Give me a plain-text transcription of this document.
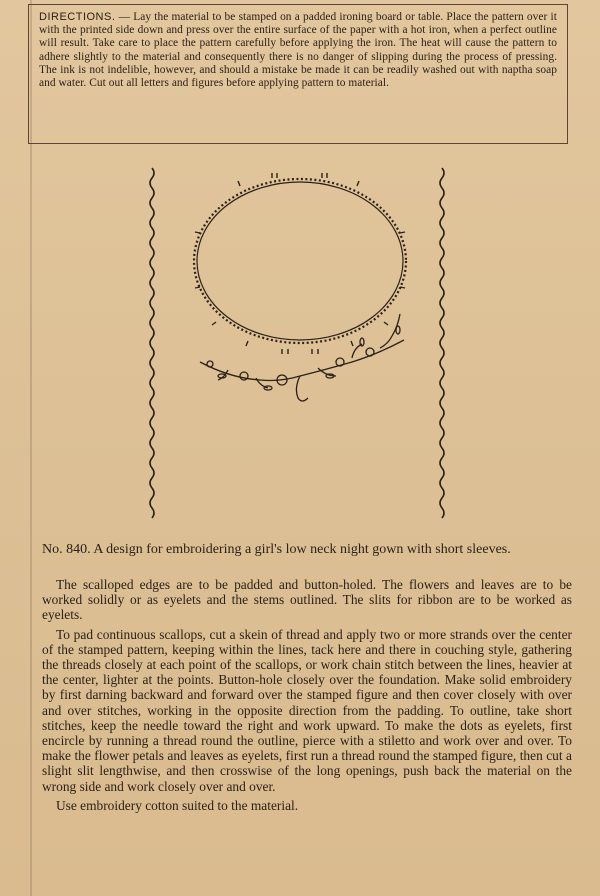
DIRECTIONS. — Lay the material to be stamped on a padded ironing board or table. Place the pattern over it with the printed side down and press over the entire surface of the paper with a hot iron, when a perfect outline will result. Take care to place the pattern carefully before applying the iron. The heat will cause the pattern to adhere slightly to the material and consequently there is no danger of slipping during the process of pressing. The ink is not indelible, however, and should a mistake be made it can be readily washed out with naptha soap and water. Cut out all letters and figures before applying pattern to material.

No. 840. A design for embroidering a girl's low neck night gown with short sleeves.

The scalloped edges are to be padded and button-holed. The flowers and leaves are to be worked solidly or as eyelets and the stems outlined. The slits for ribbon are to be worked as eyelets.

To pad continuous scallops, cut a skein of thread and apply two or more strands over the center of the stamped pattern, keeping within the lines, tack here and there in couching style, gathering the threads closely at each point of the scallops, or work chain stitch between the lines, heavier at the center, lighter at the points. Button-hole closely over the foundation. Make solid embroidery by first darning backward and forward over the stamped figure and then cover closely with over and over stitches, working in the opposite direction from the padding. To outline, take short stitches, keep the needle toward the right and work upward. To make the dots as eyelets, first encircle by running a thread round the outline, pierce with a stiletto and work over and over. To make the flower petals and leaves as eyelets, first run a thread round the stamped figure, then cut a slight slit lengthwise, and then crosswise of the long openings, push back the material on the wrong side and work closely over and over.

Use embroidery cotton suited to the material.
